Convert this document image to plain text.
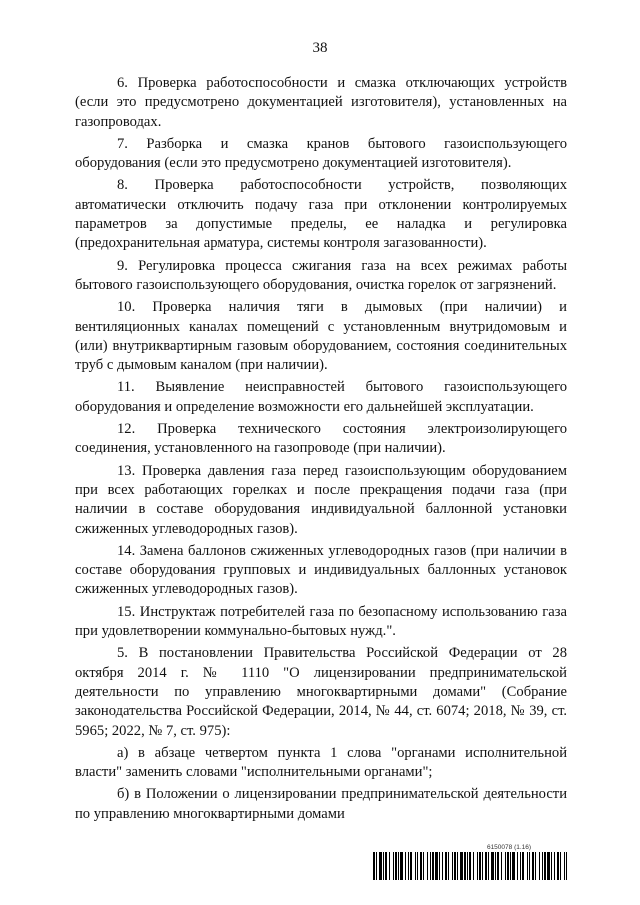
38

6. Проверка работоспособности и смазка отключающих устройств (если это предусмотрено документацией изготовителя), установленных на газопроводах.

7. Разборка и смазка кранов бытового газоиспользующего оборудования (если это предусмотрено документацией изготовителя).

8. Проверка работоспособности устройств, позволяющих автоматически отключить подачу газа при отклонении контролируемых параметров за допустимые пределы, ее наладка и регулировка (предохранительная арматура, системы контроля загазованности).

9. Регулировка процесса сжигания газа на всех режимах работы бытового газоиспользующего оборудования, очистка горелок от загрязнений.

10. Проверка наличия тяги в дымовых (при наличии) и вентиляционных каналах помещений с установленным внутридомовым и (или) внутриквартирным газовым оборудованием, состояния соединительных труб с дымовым каналом (при наличии).

11. Выявление неисправностей бытового газоиспользующего оборудования и определение возможности его дальнейшей эксплуатации.

12. Проверка технического состояния электроизолирующего соединения, установленного на газопроводе (при наличии).

13. Проверка давления газа перед газоиспользующим оборудованием при всех работающих горелках и после прекращения подачи газа (при наличии в составе оборудования индивидуальной баллонной установки сжиженных углеводородных газов).

14. Замена баллонов сжиженных углеводородных газов (при наличии в составе оборудования групповых и индивидуальных баллонных установок сжиженных углеводородных газов).

15. Инструктаж потребителей газа по безопасному использованию газа при удовлетворении коммунально-бытовых нужд.".

5. В постановлении Правительства Российской Федерации от 28 октября 2014 г. № 1110 "О лицензировании предпринимательской деятельности по управлению многоквартирными домами" (Собрание законодательства Российской Федерации, 2014, № 44, ст. 6074; 2018, № 39, ст. 5965; 2022, № 7, ст. 975):

а) в абзаце четвертом пункта 1 слова "органами исполнительной власти" заменить словами "исполнительными органами";

б) в Положении о лицензировании предпринимательской деятельности по управлению многоквартирными домами

6150078 (1.16)
